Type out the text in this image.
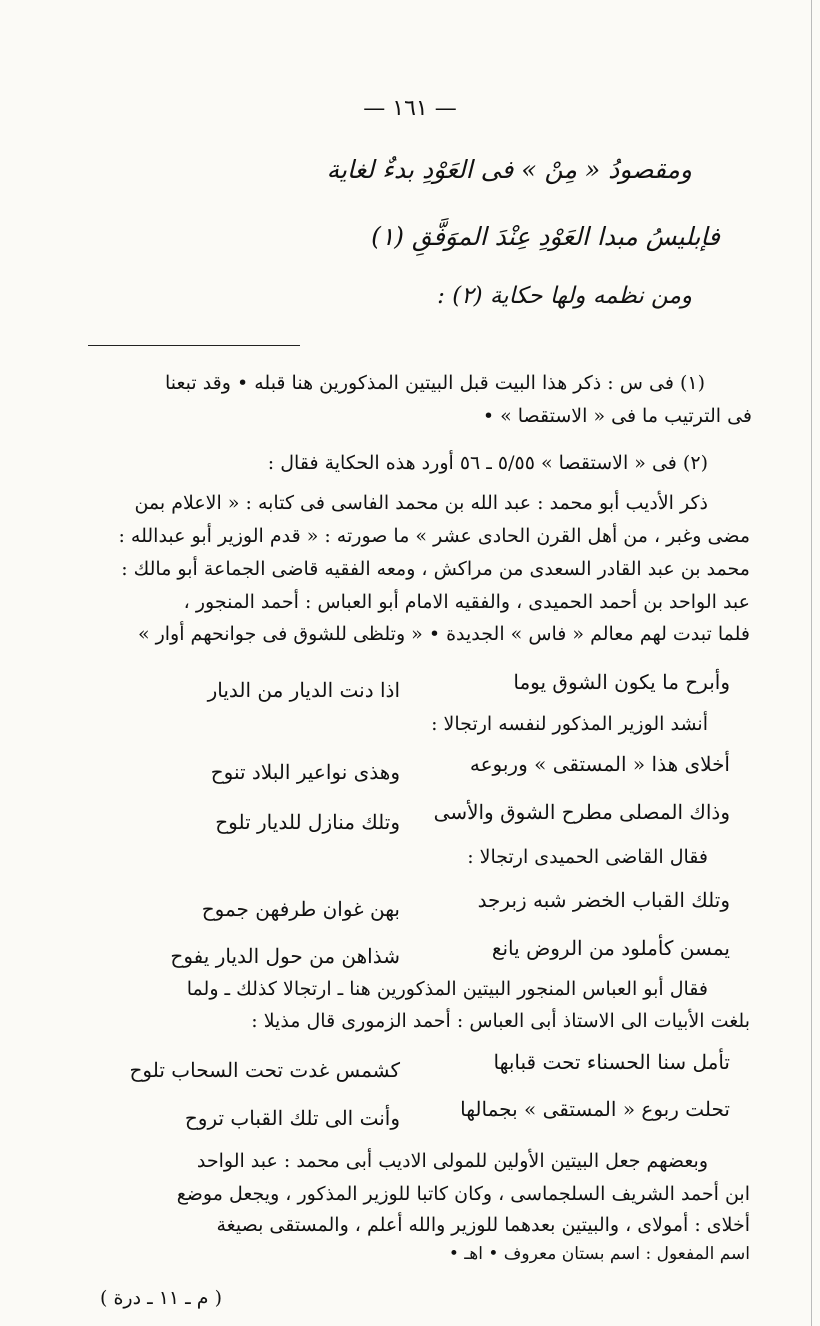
— ١٦١ —
ومقصودُ « مِنْ » فى العَوْدِ بدءٌ لغاية
فإبليسُ مبدا العَوْدِ عِنْدَ الموَفَّقِ (١)
ومن نظمه ولها حكاية (٢) :
(١) فى س : ذكر هذا البيت قبل البيتين المذكورين هنا قبله • وقد تبعنا
فى الترتيب ما فى « الاستقصا » •
(٢) فى « الاستقصا » ٥/٥٥ ـ ٥٦ أورد هذه الحكاية فقال :
ذكر الأديب أبو محمد : عبد الله بن محمد الفاسى فى كتابه : « الاعلام بمن
مضى وغبر ، من أهل القرن الحادى عشر » ما صورته : « قدم الوزير أبو عبدالله :
محمد بن عبد القادر السعدى من مراكش ، ومعه الفقيه قاضى الجماعة أبو مالك :
عبد الواحد بن أحمد الحميدى ، والفقيه الامام أبو العباس : أحمد المنجور ،
فلما تبدت لهم معالم « فاس » الجديدة • « وتلظى للشوق فى جوانحهم أوار »
وأبرح ما يكون الشوق يوما
اذا دنت الديار من الديار
أنشد الوزير المذكور لنفسه ارتجالا :
أخلاى هذا « المستقى » وربوعه
وهذى نواعير البلاد تنوح
وذاك المصلى مطرح الشوق والأسى
وتلك منازل للديار تلوح
فقال القاضى الحميدى ارتجالا :
وتلك القباب الخضر شبه زبرجد
بهن غوان طرفهن جموح
يمسن كأملود من الروض يانع
شذاهن من حول الديار يفوح
فقال أبو العباس المنجور البيتين المذكورين هنا ـ ارتجالا كذلك ـ ولما
بلغت الأبيات الى الاستاذ أبى العباس : أحمد الزمورى قال مذيلا :
تأمل سنا الحسناء تحت قبابها
كشمس غدت تحت السحاب تلوح
تحلت ربوع « المستقى » بجمالها
وأنت الى تلك القباب تروح
وبعضهم جعل البيتين الأولين للمولى الاديب أبى محمد : عبد الواحد
ابن أحمد الشريف السلجماسى ، وكان كاتبا للوزير المذكور ، ويجعل موضع
أخلاى : أمولاى ، والبيتين بعدهما للوزير والله أعلم ، والمستقى بصيغة
اسم المفعول : اسم بستان معروف • اهـ •
( م ـ ١١ ـ درة )
